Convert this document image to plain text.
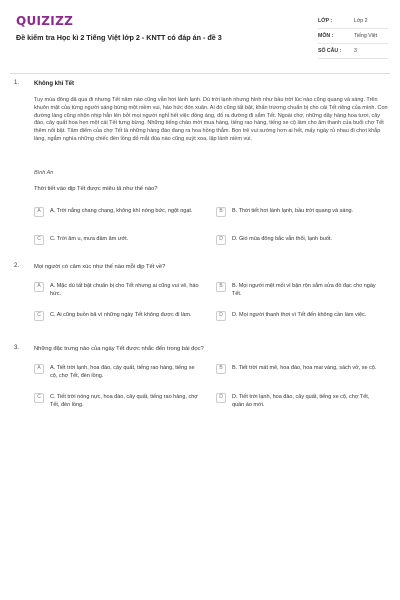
QUIZIZZ
Đề kiểm tra Học kì 2 Tiếng Việt lớp 2 - KNTT có đáp án - đề 3
LỚP :	Lớp 2
MÔN :	Tiếng Việt
SỐ CÂU :	3
1. Không khí Tết
Tuy mùa đông đã qua đi nhưng Tết năm nào cũng vẫn hơi lành lạnh. Dù trời lạnh nhưng hình như bầu trời lúc nào cũng quang và sáng. Trên khuôn mặt của từng người sáng bừng một niềm vui, háo hức đón xuân. Ai đó cũng tất bật, khẩn trương chuẩn bị cho cái Tết riêng của mình. Con đường làng cũng nhộn nhịp hẳn lên bởi mọi người nghỉ hết việc đồng áng, đổ ra đường đi sắm Tết. Ngoài chợ, những dãy hàng hoa tươi, cây đào, cây quất hoa hẹn một cái Tết tưng bừng. Những tiếng chào mời mua hàng, tiếng rao hàng, tiếng xe cộ làm cho âm thanh của buổi chợ Tết thêm nổi bật. Tâm điểm của chợ Tết là những hàng đào đang ra hoa hồng thắm. Bọn trẻ vui sướng hơn ai hết, mấy ngày rủ nhau đi chơi khắp làng, ngắm nghía những chiếc đèn lồng đỏ mắt đùa nào cũng xuýt xoa, lập lánh niềm vui.
Bình An
Thời tiết vào dịp Tết được miêu tả như thế nào?
A	A. Trời nắng chang chang, không khí nóng bức, ngột ngạt.	B	B. Thời tiết hơi lành lạnh, bầu trời quang và sáng.
C	C. Trời âm u, mưa đầm âm ướt.	D	D. Gió mùa đông bắc vẫn thổi, lạnh buốt.
2.	Mọi người có cảm xúc như thế nào mỗi dịp Tết về?
A	A. Mặc dù tất bật chuẩn bị cho Tết nhưng ai cũng vui vẻ, háo hức.
B	B. Mọi người mệt mỏi vì bận rộn sắm sửa đồ đạc cho ngày Tết.
C	C. Ai cũng buồn bã vì những ngày Tết không được đi làm.	D	D. Mọi người thanh thơi vì Tết đến không cần làm việc.
3.	Những đặc trưng nào của ngày Tết được nhắc đến trong bài đọc?
A	A. Tiết trời lạnh, hoa đào, cây quất, tiếng rao hàng, tiếng xe cộ, chợ Tết, đèn lồng.
B	B. Tiết trời mát mẻ, hoa đào, hoa mai vàng, sách vở, xe cộ.
C	C. Tiết trời nóng nực, hoa đào, cây quất, tiếng rao hàng, chợ Tết, đèn lồng.
D	D. Tiết trời lạnh, hoa đào, cây quất, tiếng xe cộ, chợ Tết, quần áo mới.
